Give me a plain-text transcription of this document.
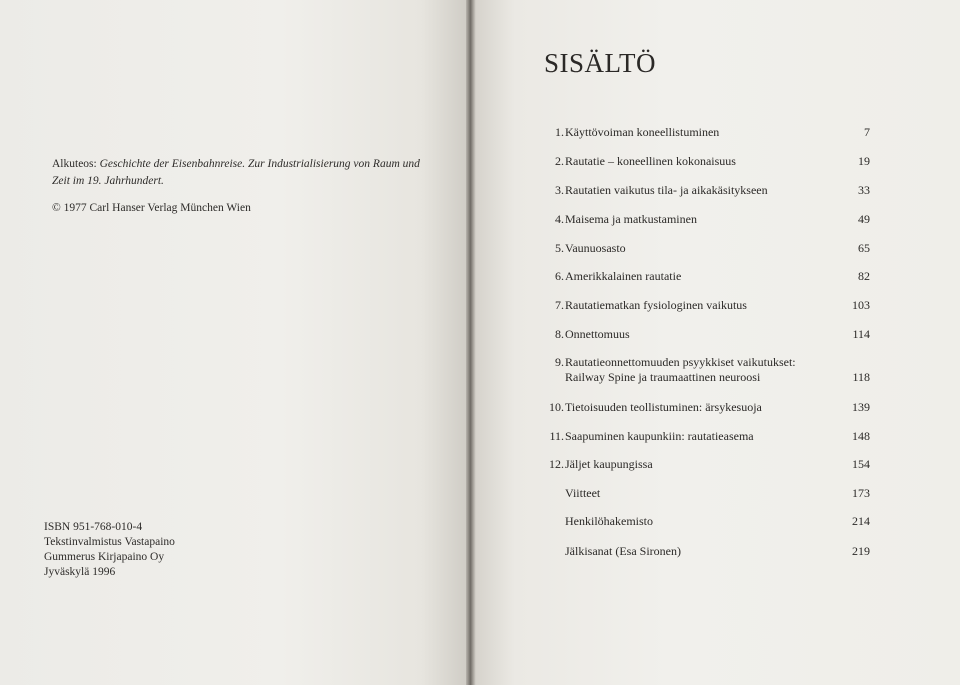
Alkuteos: Geschichte der Eisenbahnreise. Zur Industrialisierung von Raum und Zeit im 19. Jahrhundert.
© 1977 Carl Hanser Verlag München Wien
ISBN 951-768-010-4
Tekstinvalmistus Vastapaino
Gummerus Kirjapaino Oy
Jyväskylä 1996
SISÄLTÖ
1. Käyttövoiman koneellistuminen	7
2. Rautatie – koneellinen kokonaisuus	19
3. Rautatien vaikutus tila- ja aikakäsitykseen	33
4. Maisema ja matkustaminen	49
5. Vaunuosasto	65
6. Amerikkalainen rautatie	82
7. Rautatiematkan fysiologinen vaikutus	103
8. Onnettomuus	114
9. Rautatieonnettomuuden psyykkiset vaikutukset:
Railway Spine ja traumaattinen neuroosi	118
10. Tietoisuuden teollistuminen: ärsykesuoja	139
11. Saapuminen kaupunkiin: rautatieasema	148
12. Jäljet kaupungissa	154
Viitteet	173
Henkilöhakemisto	214
Jälkisanat (Esa Sironen)	219
